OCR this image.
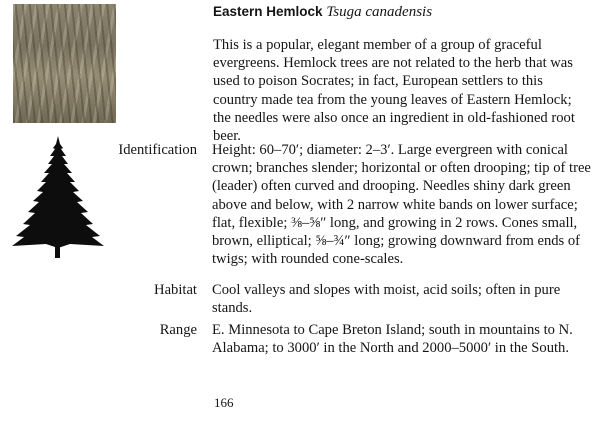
Eastern Hemlock Tsuga canadensis

This is a popular, elegant member of a group of graceful evergreens. Hemlock trees are not related to the herb that was used to poison Socrates; in fact, European settlers to this country made tea from the young leaves of Eastern Hemlock; the needles were also once an ingredient in old-fashioned root beer.

Identification Height: 60–70′; diameter: 2–3′. Large evergreen with conical crown; branches slender; horizontal or often drooping; tip of tree (leader) often curved and drooping. Needles shiny dark green above and below, with 2 narrow white bands on lower surface; flat, flexible; ⅜–⅝″ long, and growing in 2 rows. Cones small, brown, elliptical; ⅝–¾″ long; growing downward from ends of twigs; with rounded cone-scales.

Habitat Cool valleys and slopes with moist, acid soils; often in pure stands.

Range E. Minnesota to Cape Breton Island; south in mountains to N. Alabama; to 3000′ in the North and 2000–5000′ in the South.

166
